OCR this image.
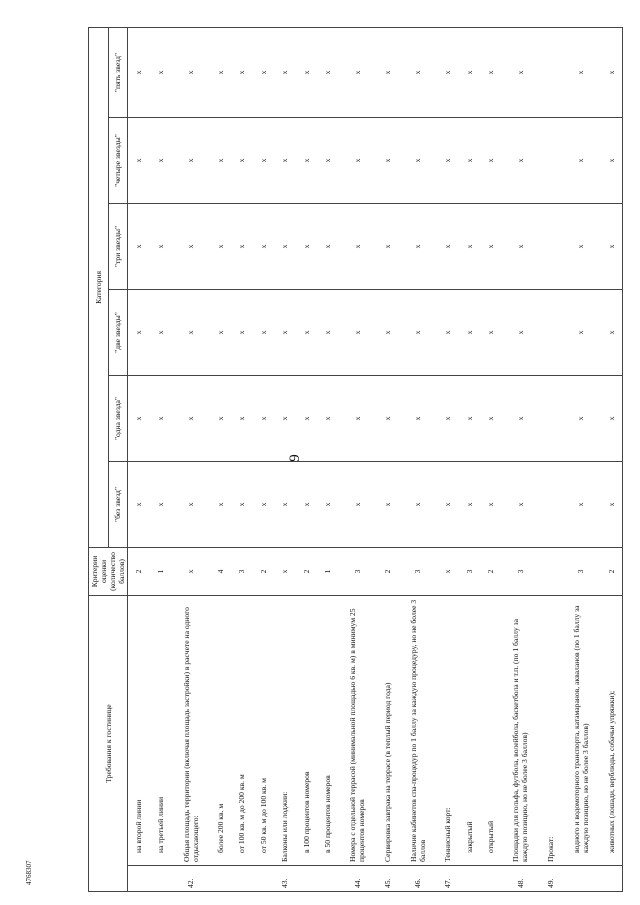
9
4768307
Требования к гостинице		Критерии оценки (количество баллов)	Категория					
			"без звезд"	"одна звезда"	"две звезды"	"три звезды"	"четыре звезды"	"пять звезд"
	на второй линии	2	x	x	x	x	x	x
	на третьей линии	1	x	x	x	x	x	x
42.	Общая площадь территории (включая площадь застройки) в расчете на одного отдыхающего:	x	x	x	x	x	x	x
	более 200 кв. м	4	x	x	x	x	x	x
	от 100 кв. м до 200 кв. м	3	x	x	x	x	x	x
	от 50 кв. м до 100 кв. м	2	x	x	x	x	x	x
43.	Балконы или лоджии:	x	x	x	x	x	x	x
	в 100 процентов номеров	2	x	x	x	x	x	x
	в 50 процентов номеров	1	x	x	x	x	x	x
44.	Номера с отдельной террасой (минимальной площадью 6 кв. м) в минимум 25 процентов номеров	3	x	x	x	x	x	x
45.	Сервировка завтрака на террасе (в теплый период года)	2	x	x	x	x	x	x
46.	Наличие кабинетов спа-процедур по 1 баллу за каждую процедуру, но не более 3 баллов	3	x	x	x	x	x	x
47.	Теннисный корт:	x	x	x	x	x	x	x
	закрытый	3	x	x	x	x	x	x
	открытый	2	x	x	x	x	x	x
48.	Площадки для гольфа, футбола, волейбола, баскетбола и т.п. (по 1 баллу за каждую позицию, но не более 3 баллов)	3	x	x	x	x	x	x
49.	Прокат:							
	водного и водомоторного транспорта, катамаранов, акваланов (по 1 баллу за каждую позицию, но не более 3 баллов)	3	x	x	x	x	x	x
	животных (лошади, верблюды, собачьи упряжки);	2	x	x	x	x	x	x
